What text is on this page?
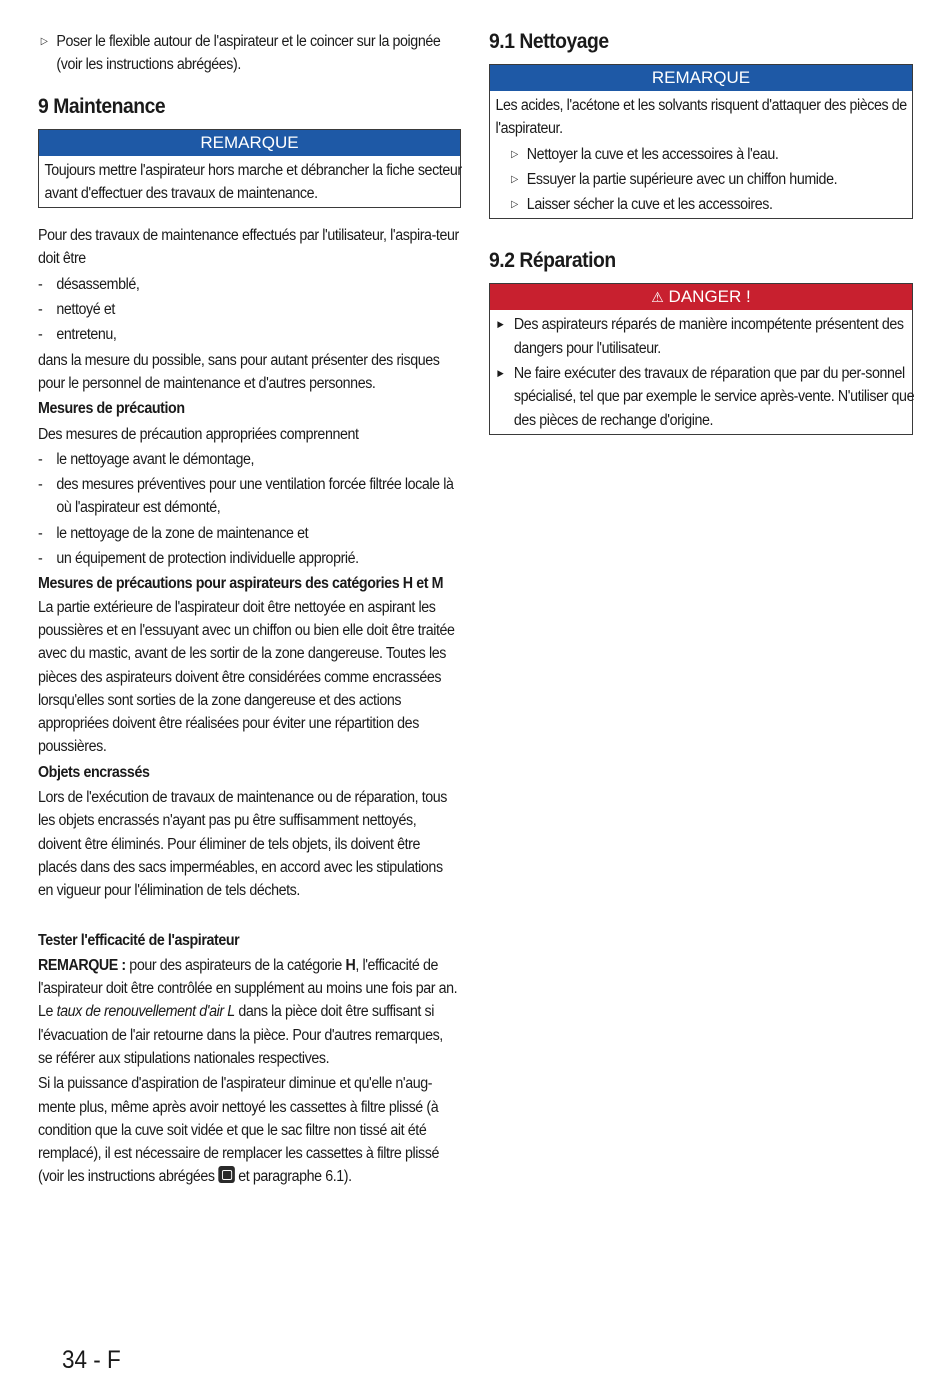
▷ Poser le flexible autour de l'aspirateur et le coincer sur la poignée (voir les instructions abrégées).

9 Maintenance
REMARQUE
Toujours mettre l'aspirateur hors marche et débrancher la fiche secteur avant d'effectuer des travaux de maintenance.

Pour des travaux de maintenance effectués par l'utilisateur, l'aspira-teur doit être

- désassemblé,

- nettoyé et

- entretenu,

dans la mesure du possible, sans pour autant présenter des risques pour le personnel de maintenance et d'autres personnes.

Mesures de précaution

Des mesures de précaution appropriées comprennent

- le nettoyage avant le démontage,

- des mesures préventives pour une ventilation forcée filtrée locale là où l'aspirateur est démonté,

- le nettoyage de la zone de maintenance et

- un équipement de protection individuelle approprié.

Mesures de précautions pour aspirateurs des catégories H et M

La partie extérieure de l'aspirateur doit être nettoyée en aspirant les poussières et en l'essuyant avec un chiffon ou bien elle doit être traitée avec du mastic, avant de les sortir de la zone dangereuse. Toutes les pièces des aspirateurs doivent être considérées comme encrassées lorsqu'elles sont sorties de la zone dangereuse et des actions appropriées doivent être réalisées pour éviter une répartition des poussières.

Objets encrassés

Lors de l'exécution de travaux de maintenance ou de réparation, tous les objets encrassés n'ayant pas pu être suffisamment nettoyés, doivent être éliminés. Pour éliminer de tels objets, ils doivent être placés dans des sacs imperméables, en accord avec les stipulations en vigueur pour l'élimination de tels déchets.

Tester l'efficacité de l'aspirateur

REMARQUE : pour des aspirateurs de la catégorie H, l'efficacité de l'aspirateur doit être contrôlée en supplément au moins une fois par an.

Le taux de renouvellement d'air L dans la pièce doit être suffisant si l'évacuation de l'air retourne dans la pièce. Pour d'autres remarques, se référer aux stipulations nationales respectives.

Si la puissance d'aspiration de l'aspirateur diminue et qu'elle n'aug-mente plus, même après avoir nettoyé les cassettes à filtre plissé (à condition que la cuve soit vidée et que le sac filtre non tissé ait été remplacé), il est nécessaire de remplacer les cassettes à filtre plissé (voir les instructions abrégées  et paragraphe 6.1).

9.1 Nettoyage
REMARQUE

Les acides, l'acétone et les solvants risquent d'attaquer des pièces de l'aspirateur.

▷ Nettoyer la cuve et les accessoires à l'eau.

▷ Essuyer la partie supérieure avec un chiffon humide.

▷ Laisser sécher la cuve et les accessoires.

9.2 Réparation
⚠ DANGER !

▶ Des aspirateurs réparés de manière incompétente présentent des dangers pour l'utilisateur.

▶ Ne faire exécuter des travaux de réparation que par du per-sonnel spécialisé, tel que par exemple le service après-vente. N'utiliser que des pièces de rechange d'origine.

34 - F
